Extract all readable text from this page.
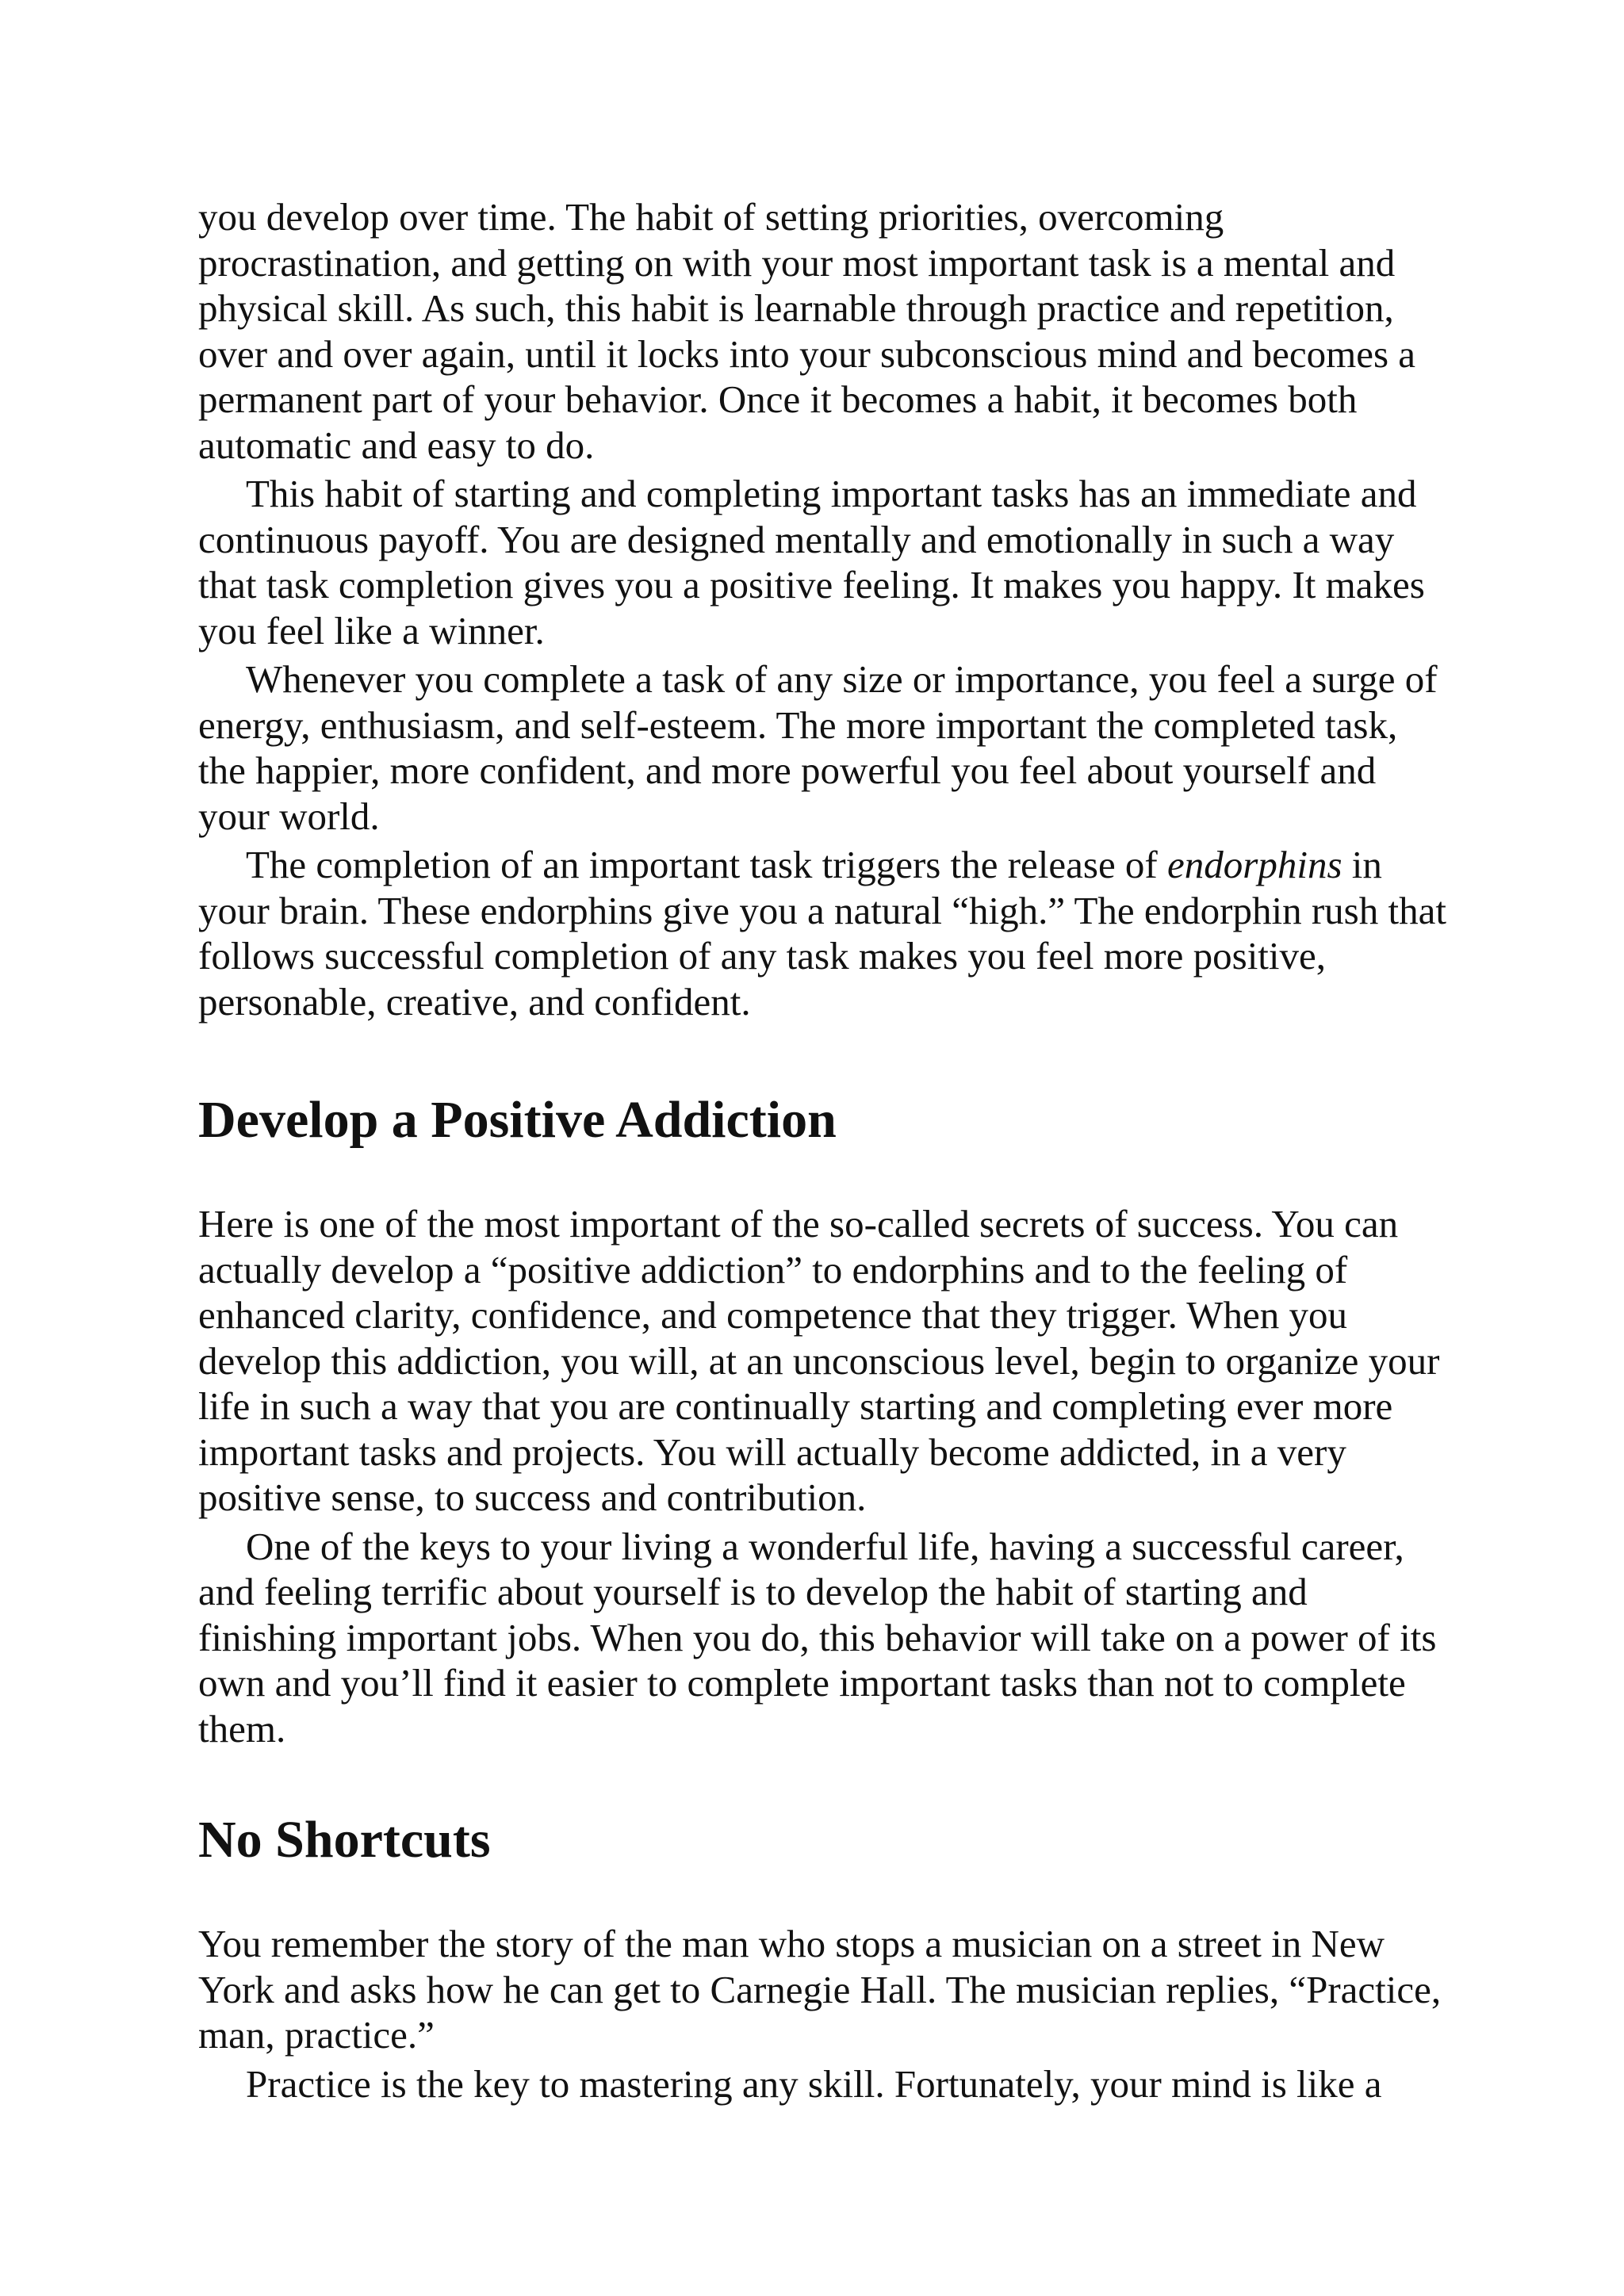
you develop over time. The habit of setting priorities, overcoming procrastination, and getting on with your most important task is a mental and physical skill. As such, this habit is learnable through practice and repetition, over and over again, until it locks into your subconscious mind and becomes a permanent part of your behavior. Once it becomes a habit, it becomes both automatic and easy to do.

This habit of starting and completing important tasks has an immediate and continuous payoff. You are designed mentally and emotionally in such a way that task completion gives you a positive feeling. It makes you happy. It makes you feel like a winner.

Whenever you complete a task of any size or importance, you feel a surge of energy, enthusiasm, and self-esteem. The more important the completed task, the happier, more confident, and more powerful you feel about yourself and your world.

The completion of an important task triggers the release of endorphins in your brain. These endorphins give you a natural “high.” The endorphin rush that follows successful completion of any task makes you feel more positive, personable, creative, and confident.

Develop a Positive Addiction

Here is one of the most important of the so-called secrets of success. You can actually develop a “positive addiction” to endorphins and to the feeling of enhanced clarity, confidence, and competence that they trigger. When you develop this addiction, you will, at an unconscious level, begin to organize your life in such a way that you are continually starting and completing ever more important tasks and projects. You will actually become addicted, in a very positive sense, to success and contribution.

One of the keys to your living a wonderful life, having a successful career, and feeling terrific about yourself is to develop the habit of starting and finishing important jobs. When you do, this behavior will take on a power of its own and you’ll find it easier to complete important tasks than not to complete them.

No Shortcuts

You remember the story of the man who stops a musician on a street in New York and asks how he can get to Carnegie Hall. The musician replies, “Practice, man, practice.”

Practice is the key to mastering any skill. Fortunately, your mind is like a
